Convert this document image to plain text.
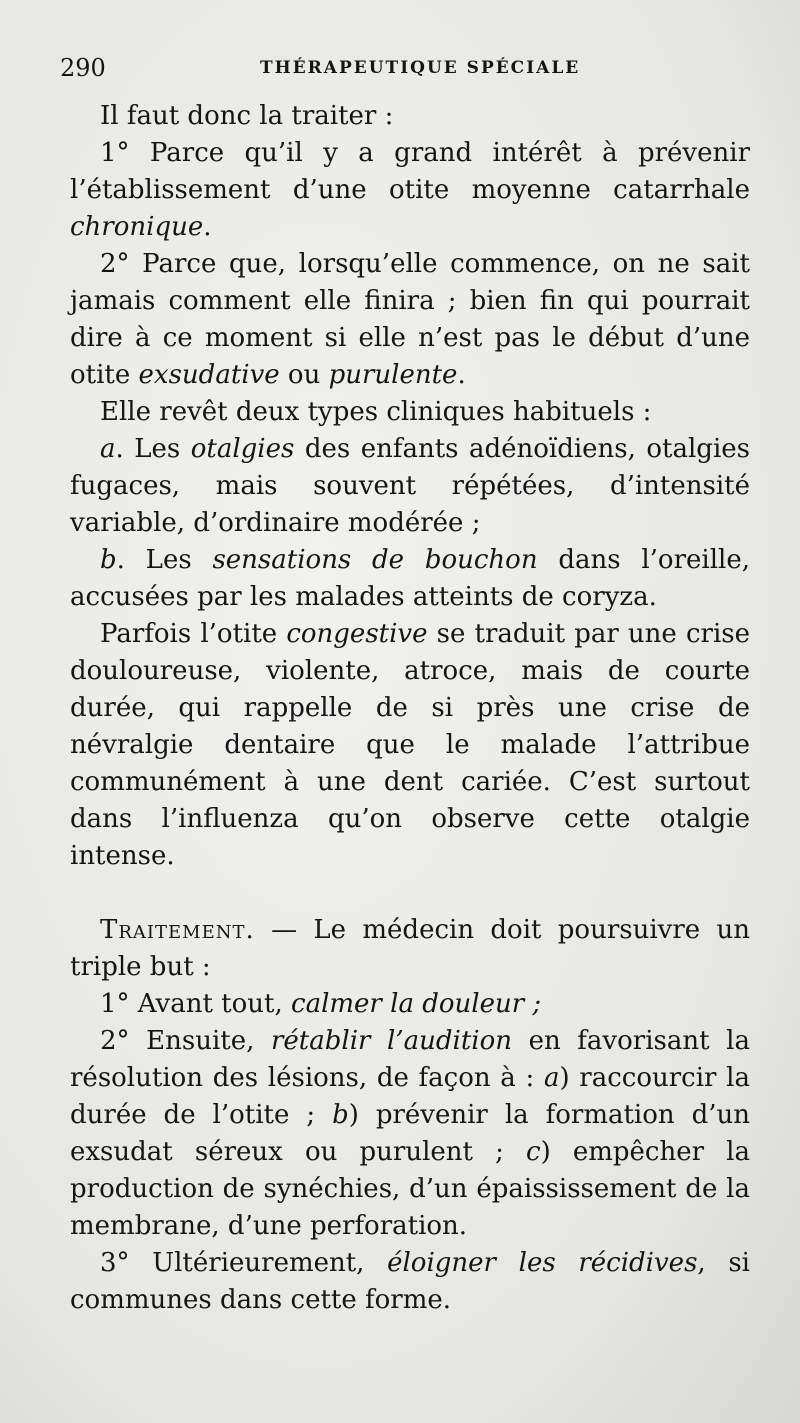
290	THÉRAPEUTIQUE SPÉCIALE

Il faut donc la traiter :

1° Parce qu’il y a grand intérêt à prévenir l’établissement d’une otite moyenne catarrhale chronique.

2° Parce que, lorsqu’elle commence, on ne sait jamais comment elle finira ; bien fin qui pourrait dire à ce moment si elle n’est pas le début d’une otite exsudative ou purulente.

Elle revêt deux types cliniques habituels :

a. Les otalgies des enfants adénoïdiens, otalgies fugaces, mais souvent répétées, d’intensité variable, d’ordinaire modérée ;

b. Les sensations de bouchon dans l’oreille, accusées par les malades atteints de coryza.

Parfois l’otite congestive se traduit par une crise douloureuse, violente, atroce, mais de courte durée, qui rappelle de si près une crise de névralgie dentaire que le malade l’attribue communément à une dent cariée. C’est surtout dans l’influenza qu’on observe cette otalgie intense.

Traitement. — Le médecin doit poursuivre un triple but :

1° Avant tout, calmer la douleur ;

2° Ensuite, rétablir l’audition en favorisant la résolution des lésions, de façon à : a) raccourcir la durée de l’otite ; b) prévenir la formation d’un exsudat séreux ou purulent ; c) empêcher la production de synéchies, d’un épaississement de la membrane, d’une perforation.

3° Ultérieurement, éloigner les récidives, si communes dans cette forme.
